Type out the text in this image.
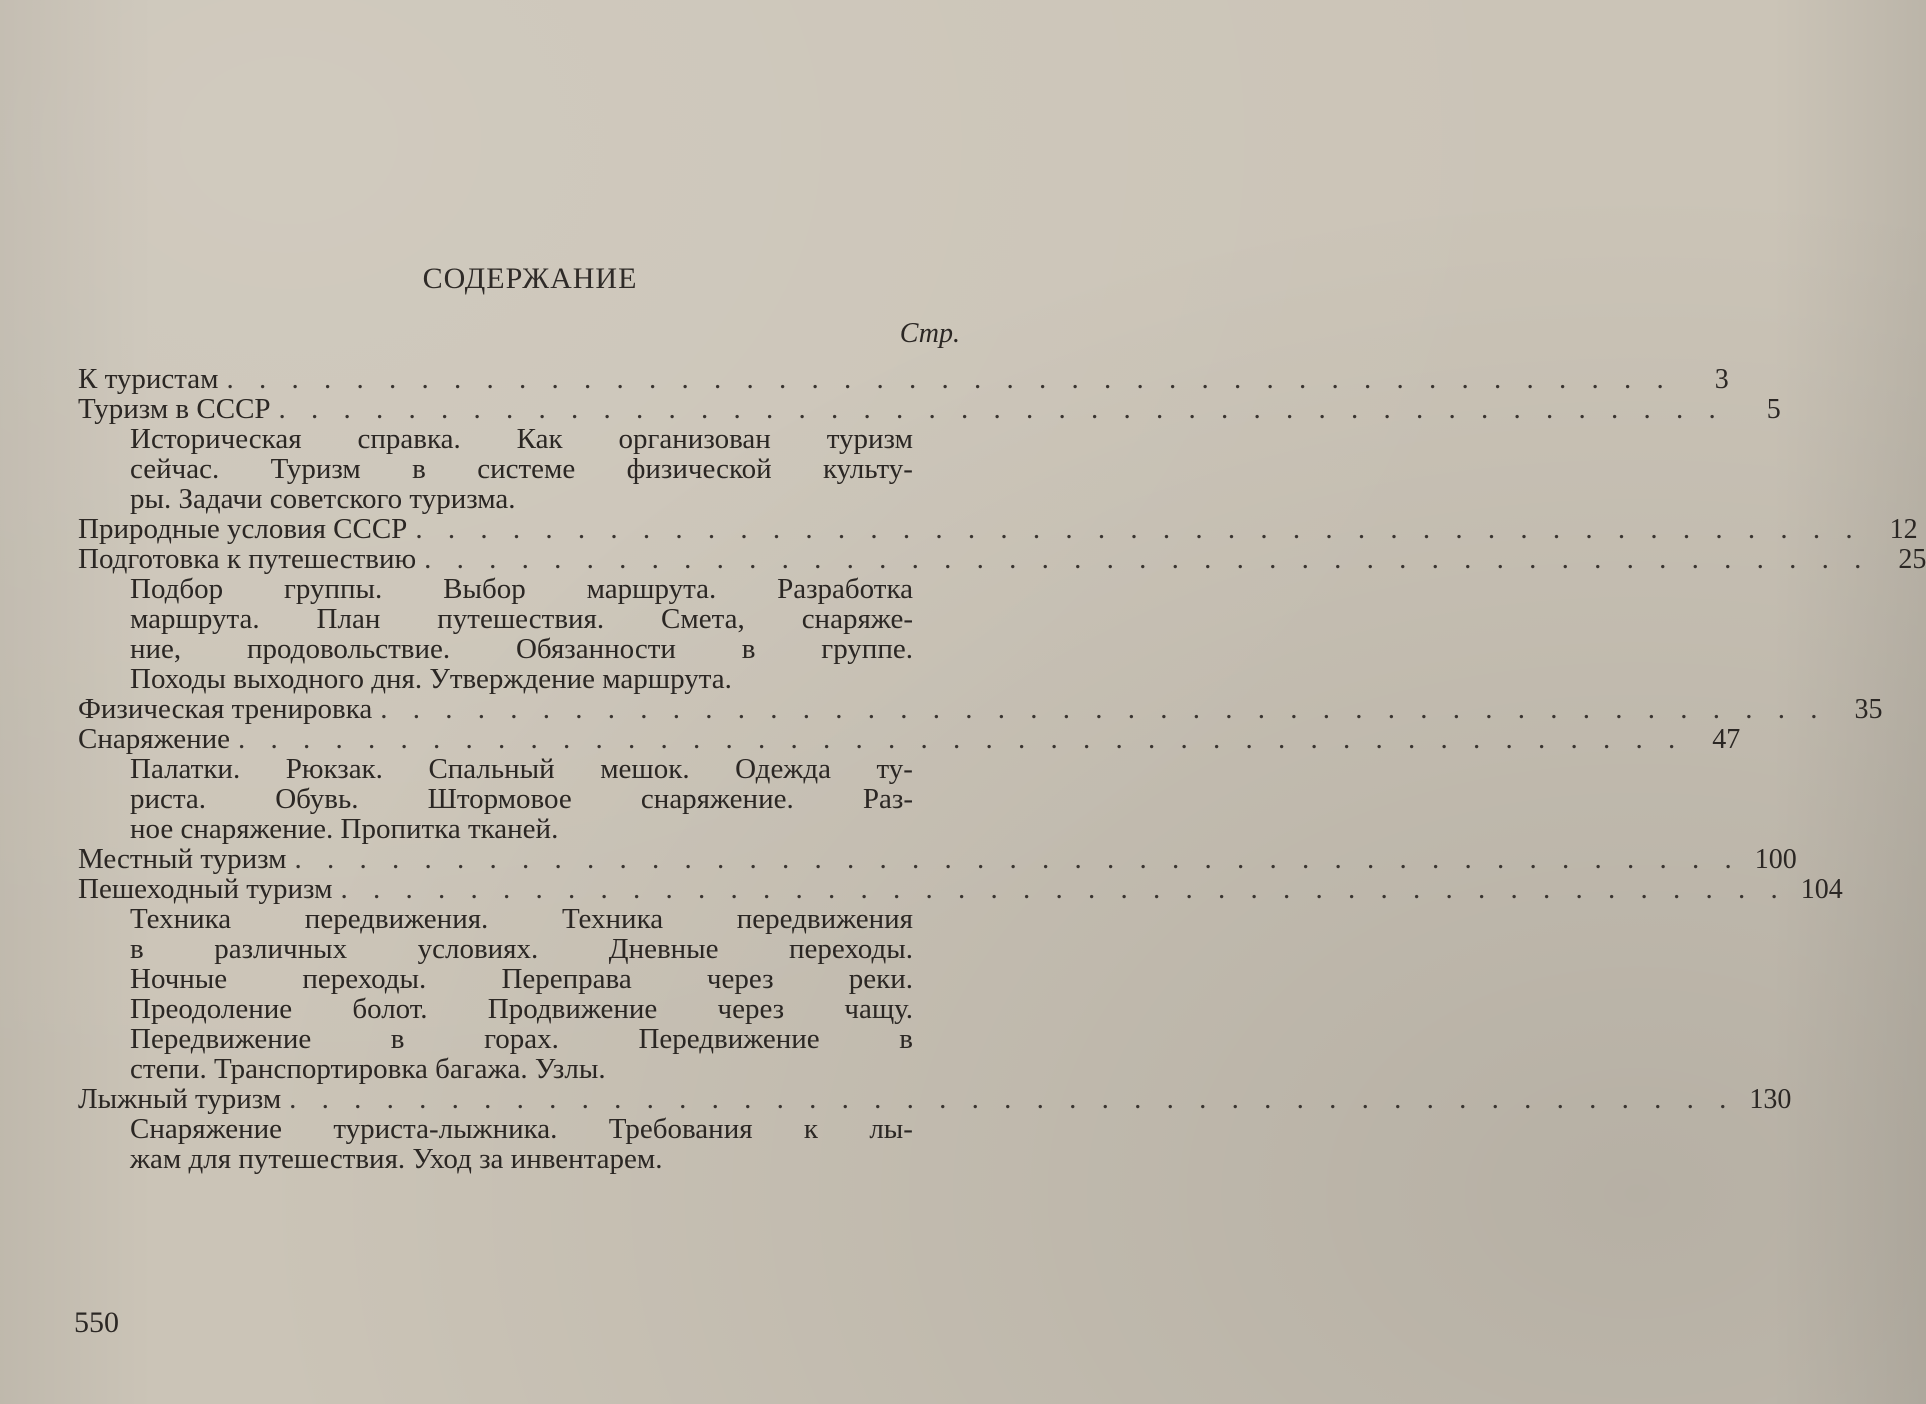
СОДЕРЖАНИЕ
Стр.
К туристам . . . . . . . . . . . . . . . . . . . . . . . . . . . . . . . . . . . . . . . . . . . . .	3
Туризм в СССР . . . . . . . . . . . . . . . . . . . . . . . . . . . . . . . . . . . . . . . . . . . . .	5
Историческая справка. Как организован туризм
сейчас. Туризм в системе физической культу-
ры. Задачи советского туризма.
Природные условия СССР . . . . . . . . . . . . . . . . . . . . . . . . . . . . . . . . . . . . . . . . . . . . .	12
Подготовка к путешествию . . . . . . . . . . . . . . . . . . . . . . . . . . . . . . . . . . . . . . . . . . . . .	25
Подбор группы. Выбор маршрута. Разработка
маршрута. План путешествия. Смета, снаряже-
ние, продовольствие. Обязанности в группе.
Походы выходного дня. Утверждение маршрута.
Физическая тренировка . . . . . . . . . . . . . . . . . . . . . . . . . . . . . . . . . . . . . . . . . . . . .	35
Снаряжение . . . . . . . . . . . . . . . . . . . . . . . . . . . . . . . . . . . . . . . . . . . . .	47
Палатки. Рюкзак. Спальный мешок. Одежда ту-
риста. Обувь. Штормовое снаряжение. Раз-
ное снаряжение. Пропитка тканей.
Местный туризм . . . . . . . . . . . . . . . . . . . . . . . . . . . . . . . . . . . . . . . . . . . . . 100
Пешеходный туризм . . . . . . . . . . . . . . . . . . . . . . . . . . . . . . . . . . . . . . . . . . . . . 104
Техника	передвижения.	Техника	передвижения
в различных условиях. Дневные переходы.
Ночные	переходы.	Переправа	через	реки.
Преодоление болот. Продвижение через чащу.
Передвижение	в	горах.	Передвижение	в
степи. Транспортировка багажа. Узлы.
Лыжный туризм . . . . . . . . . . . . . . . . . . . . . . . . . . . . . . . . . . . . . . . . . . . . . 130
Снаряжение туриста-лыжника. Требования к лы-
жам для путешествия. Уход за инвентарем.
550
